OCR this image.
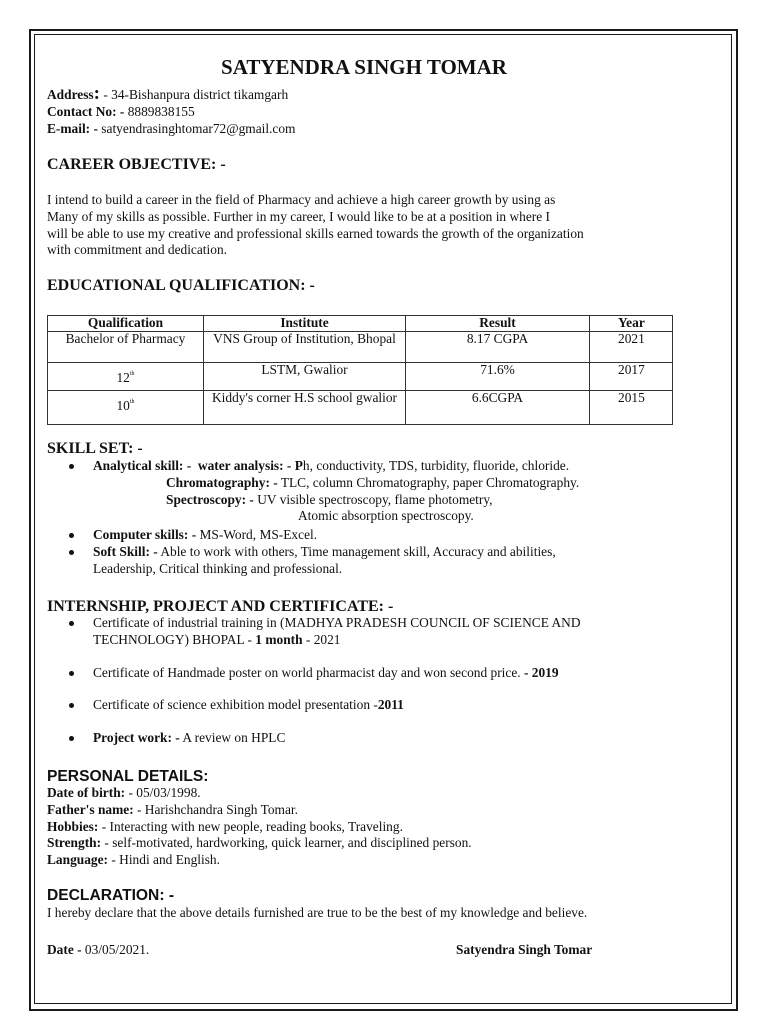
SATYENDRA SINGH TOMAR
Address: - 34-Bishanpura district tikamgarh
Contact No: - 8889838155
E-mail: - satyendrasinghtomar72@gmail.com
CAREER OBJECTIVE: -
I intend to build a career in the field of Pharmacy and achieve a high career growth by using as
Many of my skills as possible. Further in my career, I would like to be at a position in where I
will be able to use my creative and professional skills earned towards the growth of the organization
with commitment and dedication.
EDUCATIONAL QUALIFICATION: -
Qualification	Institute	Result	Year
Bachelor of Pharmacy	VNS Group of Institution, Bhopal	8.17 CGPA	2021
12th	LSTM, Gwalior	71.6%	2017
10th	Kiddy's corner H.S school gwalior	6.6CGPA	2015
SKILL SET: -
Analytical skill: - water analysis: - Ph, conductivity, TDS, turbidity, fluoride, chloride.
Chromatography: - TLC, column Chromatography, paper Chromatography.
Spectroscopy: - UV visible spectroscopy, flame photometry,
Atomic absorption spectroscopy.
Computer skills: - MS-Word, MS-Excel.
Soft Skill: - Able to work with others, Time management skill, Accuracy and abilities,
Leadership, Critical thinking and professional.
INTERNSHIP, PROJECT AND CERTIFICATE: -
Certificate of industrial training in (MADHYA PRADESH COUNCIL OF SCIENCE AND
TECHNOLOGY) BHOPAL - 1 month - 2021
Certificate of Handmade poster on world pharmacist day and won second price. - 2019
Certificate of science exhibition model presentation -2011
Project work: - A review on HPLC
PERSONAL DETAILS:
Date of birth: - 05/03/1998.
Father's name: - Harishchandra Singh Tomar.
Hobbies: - Interacting with new people, reading books, Traveling.
Strength: - self-motivated, hardworking, quick learner, and disciplined person.
Language: - Hindi and English.
DECLARATION: -
I hereby declare that the above details furnished are true to be the best of my knowledge and believe.
Date - 03/05/2021.	Satyendra Singh Tomar
